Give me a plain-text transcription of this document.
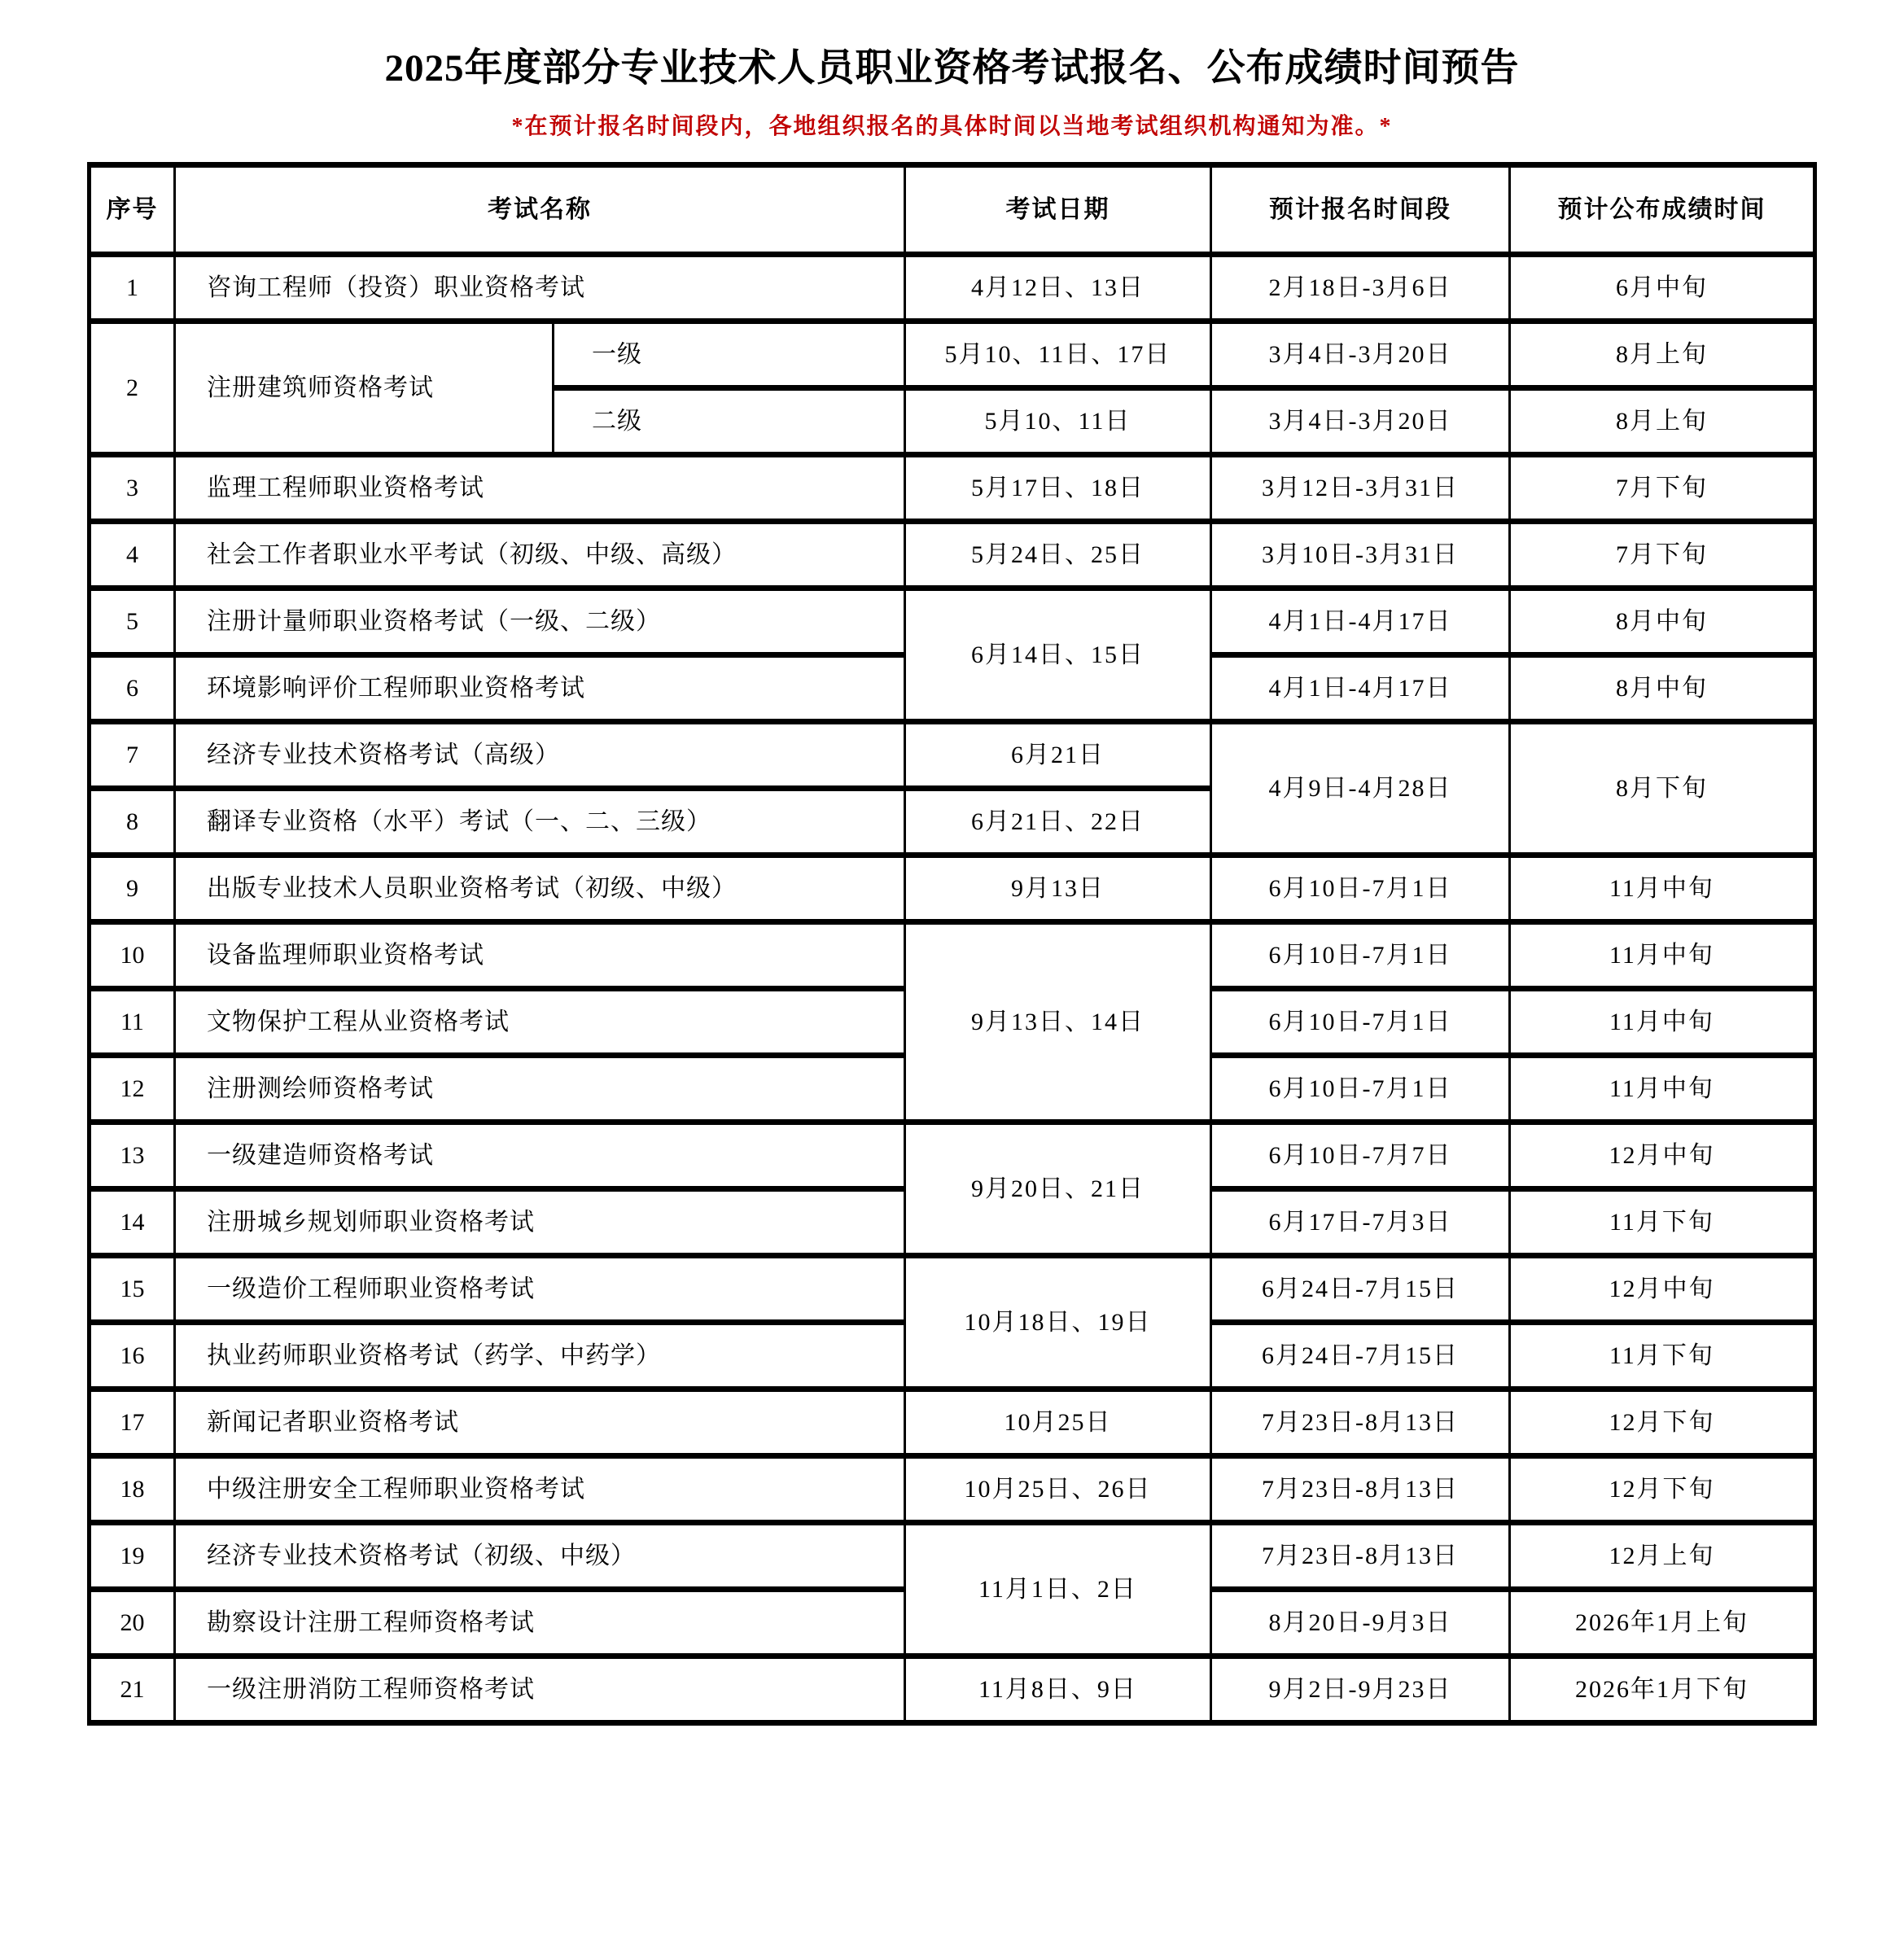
2025年度部分专业技术人员职业资格考试报名、公布成绩时间预告

*在预计报名时间段内，各地组织报名的具体时间以当地考试组织机构通知为准。*

序号	考试名称		考试日期	预计报名时间段	预计公布成绩时间
1	咨询工程师（投资）职业资格考试		4月12日、13日	2月18日-3月6日	6月中旬
2	注册建筑师资格考试	一级	5月10、11日、17日	3月4日-3月20日	8月上旬
		二级	5月10、11日	3月4日-3月20日	8月上旬
3	监理工程师职业资格考试		5月17日、18日	3月12日-3月31日	7月下旬
4	社会工作者职业水平考试（初级、中级、高级）		5月24日、25日	3月10日-3月31日	7月下旬
5	注册计量师职业资格考试（一级、二级）		6月14日、15日	4月1日-4月17日	8月中旬
6	环境影响评价工程师职业资格考试			4月1日-4月17日	8月中旬
7	经济专业技术资格考试（高级）		6月21日	4月9日-4月28日	8月下旬
8	翻译专业资格（水平）考试（一、二、三级）		6月21日、22日		
9	出版专业技术人员职业资格考试（初级、中级）		9月13日	6月10日-7月1日	11月中旬
10	设备监理师职业资格考试		9月13日、14日	6月10日-7月1日	11月中旬
11	文物保护工程从业资格考试			6月10日-7月1日	11月中旬
12	注册测绘师资格考试			6月10日-7月1日	11月中旬
13	一级建造师资格考试		9月20日、21日	6月10日-7月7日	12月中旬
14	注册城乡规划师职业资格考试			6月17日-7月3日	11月下旬
15	一级造价工程师职业资格考试		10月18日、19日	6月24日-7月15日	12月中旬
16	执业药师职业资格考试（药学、中药学）			6月24日-7月15日	11月下旬
17	新闻记者职业资格考试		10月25日	7月23日-8月13日	12月下旬
18	中级注册安全工程师职业资格考试		10月25日、26日	7月23日-8月13日	12月下旬
19	经济专业技术资格考试（初级、中级）		11月1日、2日	7月23日-8月13日	12月上旬
20	勘察设计注册工程师资格考试			8月20日-9月3日	2026年1月上旬
21	一级注册消防工程师资格考试		11月8日、9日	9月2日-9月23日	2026年1月下旬
